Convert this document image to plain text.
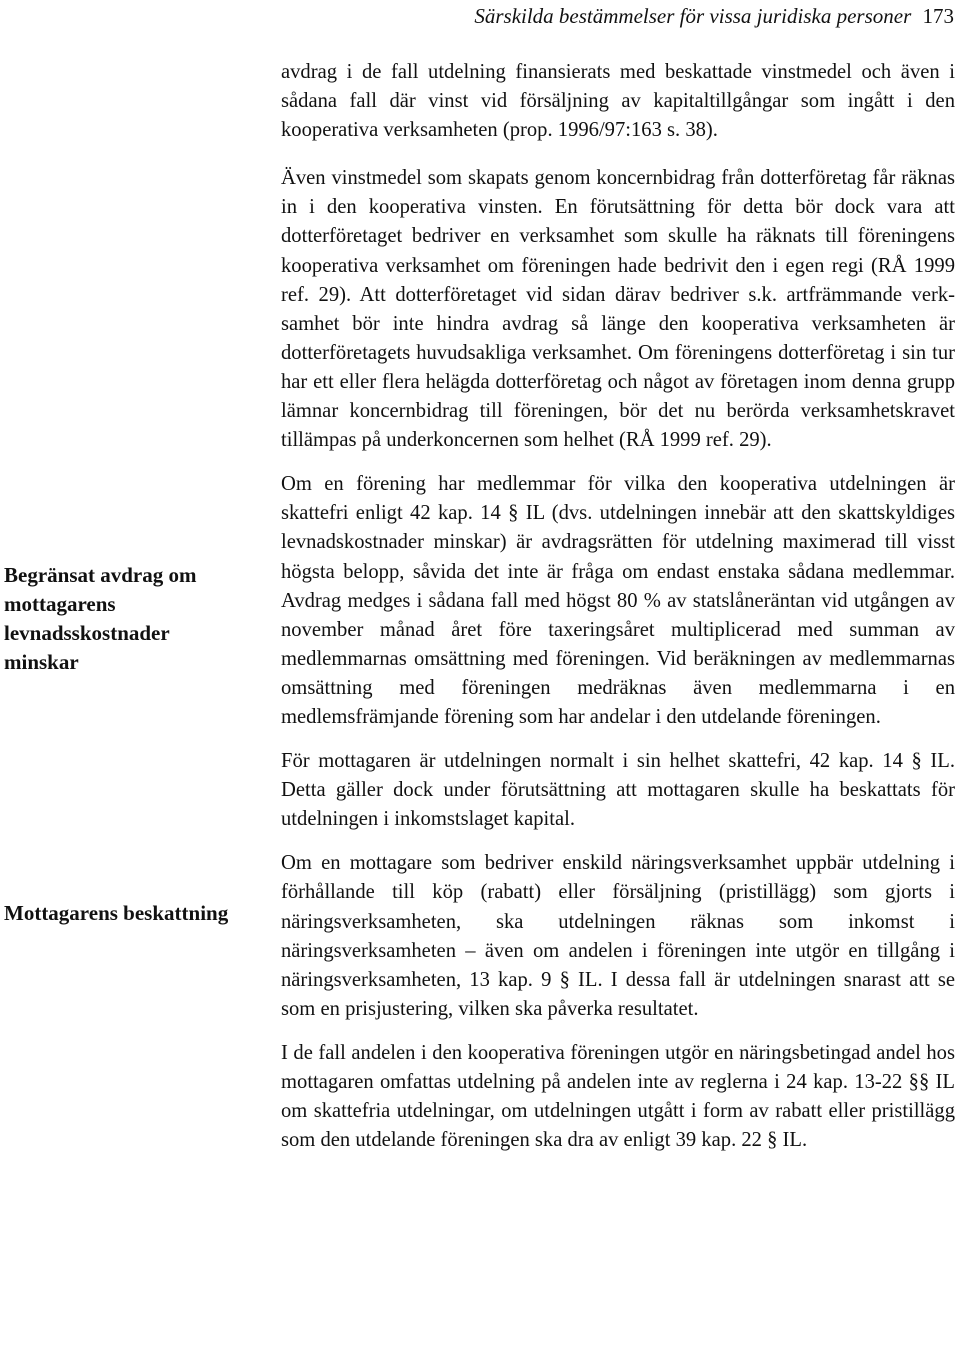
Särskilda bestämmelser för vissa juridiska personer 173
Begränsat avdrag om mottagarens levnadsskostnader minskar
Mottagarens beskattning

avdrag i de fall utdelning finansierats med beskattade vinstmedel och även i sådana fall där vinst vid försäljning av kapitaltillgångar som ingått i den kooperativa verksamheten (prop. 1996/97:163 s. 38).

Även vinstmedel som skapats genom koncernbidrag från dotterföretag får räknas in i den kooperativa vinsten. En förutsättning för detta bör dock vara att dotterföretaget bedriver en verksamhet som skulle ha räknats till föreningens kooperativa verksamhet om föreningen hade bedrivit den i egen regi (RÅ 1999 ref. 29). Att dotterföretaget vid sidan därav bedriver s.k. artfrämmande verksamhet bör inte hindra avdrag så länge den kooperativa verksamheten är dotterföretagets huvudsakliga verksamhet. Om föreningens dotterföretag i sin tur har ett eller flera helägda dotterföretag och något av företagen inom denna grupp lämnar koncernbidrag till föreningen, bör det nu berörda verksamhetskravet tillämpas på underkoncernen som helhet (RÅ 1999 ref. 29).

Om en förening har medlemmar för vilka den kooperativa utdelningen är skattefri enligt 42 kap. 14 § IL (dvs. utdelningen innebär att den skattskyldiges levnadskostnader minskar) är avdragsrätten för utdelning maximerad till visst högsta belopp, såvida det inte är fråga om endast enstaka sådana medlemmar. Avdrag medges i sådana fall med högst 80 % av statslåneräntan vid utgången av november månad året före taxeringsåret multiplicerad med summan av medlemmarnas omsättning med föreningen. Vid beräkningen av medlemmarnas omsättning med föreningen medräknas även medlemmarna i en medlemsfrämjande förening som har andelar i den utdelande föreningen.

För mottagaren är utdelningen normalt i sin helhet skattefri, 42 kap. 14 § IL. Detta gäller dock under förutsättning att mottagaren skulle ha beskattats för utdelningen i inkomstslaget kapital.

Om en mottagare som bedriver enskild näringsverksamhet uppbär utdelning i förhållande till köp (rabatt) eller försäljning (pristillägg) som gjorts i näringsverksamheten, ska utdelningen räknas som inkomst i näringsverksamheten – även om andelen i föreningen inte utgör en tillgång i näringsverksamheten, 13 kap. 9 § IL. I dessa fall är utdelningen snarast att se som en prisjustering, vilken ska påverka resultatet.

I de fall andelen i den kooperativa föreningen utgör en näringsbetingad andel hos mottagaren omfattas utdelning på andelen inte av reglerna i 24 kap. 13-22 §§ IL om skattefria utdelningar, om utdelningen utgått i form av rabatt eller pristillägg som den utdelande föreningen ska dra av enligt 39 kap. 22 § IL.
